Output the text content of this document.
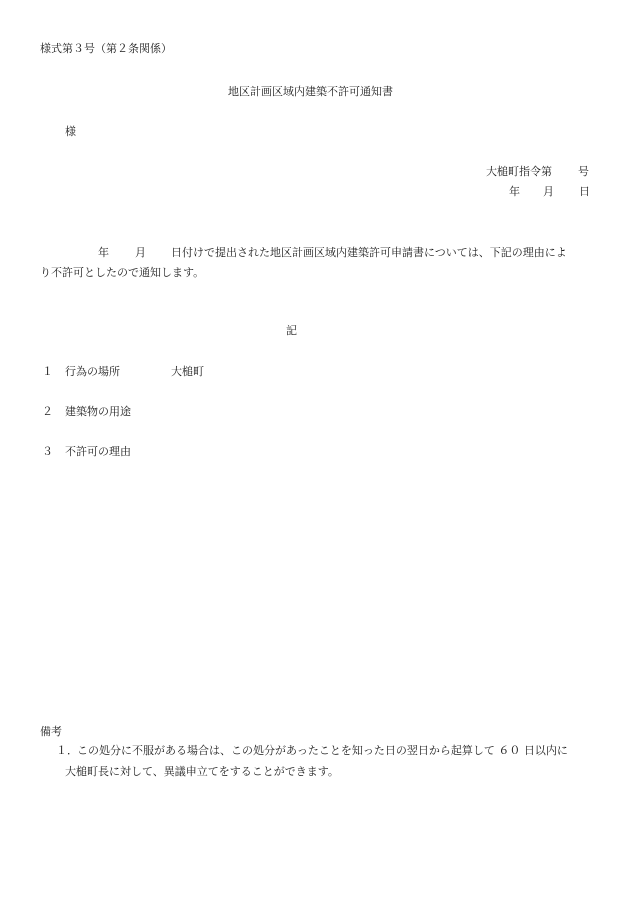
様式第３号（第２条関係）
地区計画区域内建築不許可通知書
様
大槌町指令第 号
年 月 日
年 月 日付けで提出された地区計画区域内建築許可申請書については、下記の理由によ
り不許可としたので通知します。
記
１ 行為の場所	大槌町
２ 建築物の用途
３ 不許可の理由
備考
１． この処分に不服がある場合は、この処分があったことを知った日の翌日から起算して ６０ 日以内に
大槌町長に対して、異議申立てをすることができます。
